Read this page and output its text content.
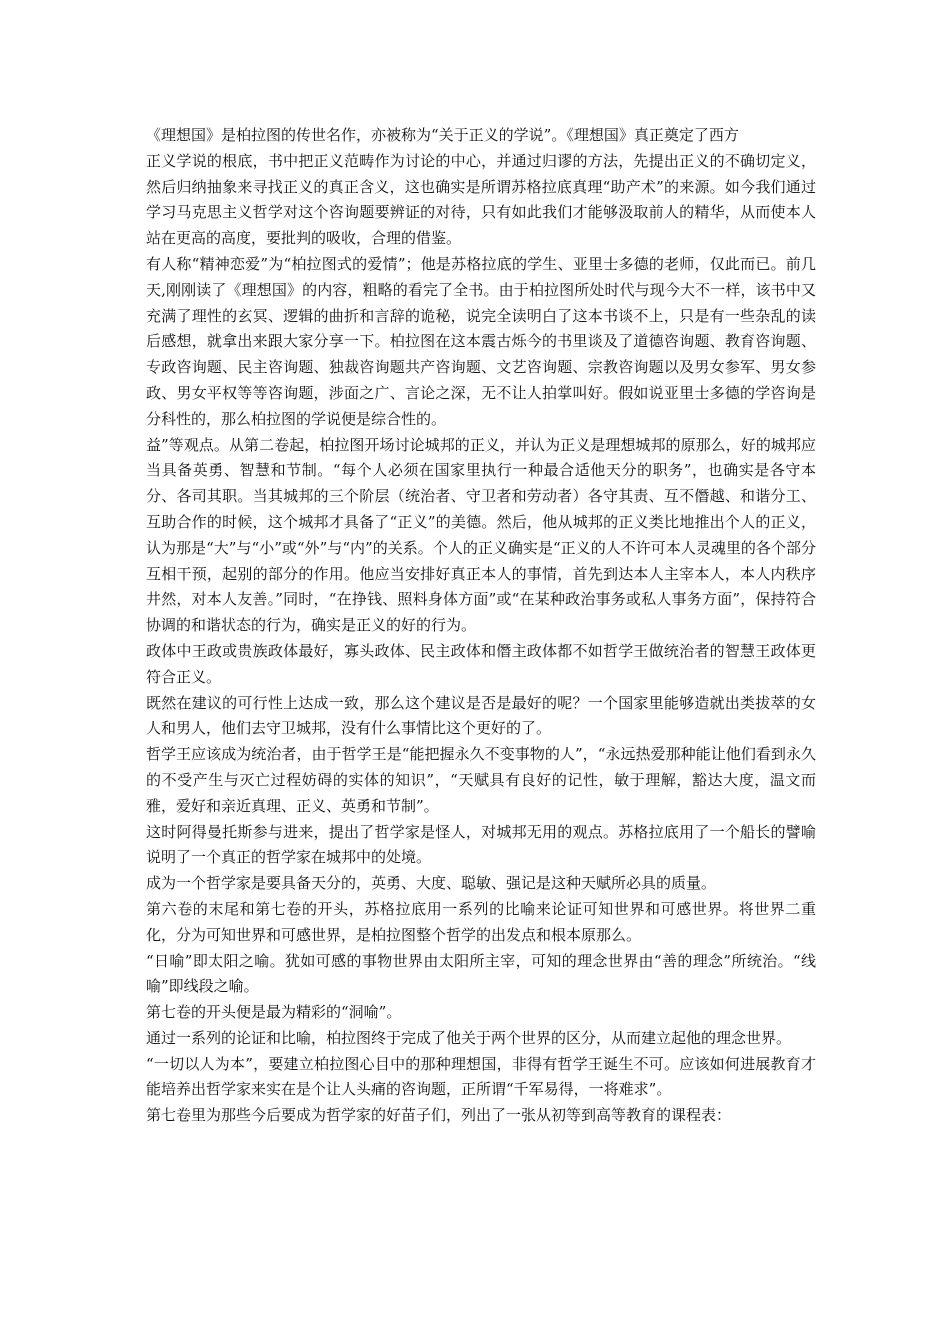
《理想国》是柏拉图的传世名作，亦被称为“关于正义的学说”。《理想国》真正奠定了西方

正义学说的根底，书中把正义范畴作为讨论的中心，并通过归谬的方法，先提出正义的不确切定义，然后归纳抽象来寻找正义的真正含义，这也确实是所谓苏格拉底真理“助产术”的来源。如今我们通过学习马克思主义哲学对这个咨询题要辨证的对待，只有如此我们才能够汲取前人的精华，从而使本人站在更高的高度，要批判的吸收，合理的借鉴。

有人称“精神恋爱”为“柏拉图式的爱情”；他是苏格拉底的学生、亚里士多德的老师，仅此而已。前几天,刚刚读了《理想国》的内容，粗略的看完了全书。由于柏拉图所处时代与现今大不一样，该书中又充满了理性的玄冥、逻辑的曲折和言辞的诡秘，说完全读明白了这本书谈不上，只是有一些杂乱的读后感想，就拿出来跟大家分享一下。柏拉图在这本震古烁今的书里谈及了道德咨询题、教育咨询题、专政咨询题、民主咨询题、独裁咨询题共产咨询题、文艺咨询题、宗教咨询题以及男女参军、男女参政、男女平权等等咨询题，涉面之广、言论之深，无不让人拍掌叫好。假如说亚里士多德的学咨询是分科性的，那么柏拉图的学说便是综合性的。

益”等观点。从第二卷起，柏拉图开场讨论城邦的正义，并认为正义是理想城邦的原那么，好的城邦应当具备英勇、智慧和节制。“每个人必须在国家里执行一种最合适他天分的职务”，也确实是各守本分、各司其职。当其城邦的三个阶层（统治者、守卫者和劳动者）各守其责、互不僭越、和谐分工、互助合作的时候，这个城邦才具备了“正义”的美德。然后，他从城邦的正义类比地推出个人的正义，认为那是“大”与“小”或“外”与“内”的关系。个人的正义确实是“正义的人不许可本人灵魂里的各个部分互相干预，起别的部分的作用。他应当安排好真正本人的事情，首先到达本人主宰本人，本人内秩序井然，对本人友善。”同时，“在挣钱、照料身体方面”或“在某种政治事务或私人事务方面”，保持符合协调的和谐状态的行为，确实是正义的好的行为。

政体中王政或贵族政体最好，寡头政体、民主政体和僭主政体都不如哲学王做统治者的智慧王政体更符合正义。

既然在建议的可行性上达成一致，那么这个建议是否是最好的呢？一个国家里能够造就出类拔萃的女人和男人，他们去守卫城邦，没有什么事情比这个更好的了。

哲学王应该成为统治者，由于哲学王是“能把握永久不变事物的人”，“永远热爱那种能让他们看到永久的不受产生与灭亡过程妨碍的实体的知识”，“天赋具有良好的记性，敏于理解，豁达大度，温文而雅，爱好和亲近真理、正义、英勇和节制”。

这时阿得曼托斯参与进来，提出了哲学家是怪人，对城邦无用的观点。苏格拉底用了一个船长的譬喻说明了一个真正的哲学家在城邦中的处境。

成为一个哲学家是要具备天分的，英勇、大度、聪敏、强记是这种天赋所必具的质量。

第六卷的末尾和第七卷的开头，苏格拉底用一系列的比喻来论证可知世界和可感世界。将世界二重化，分为可知世界和可感世界，是柏拉图整个哲学的出发点和根本原那么。

“日喻”即太阳之喻。犹如可感的事物世界由太阳所主宰，可知的理念世界由“善的理念”所统治。“线喻”即线段之喻。

第七卷的开头便是最为精彩的“洞喻”。

通过一系列的论证和比喻，柏拉图终于完成了他关于两个世界的区分，从而建立起他的理念世界。

“一切以人为本”，要建立柏拉图心目中的那种理想国，非得有哲学王诞生不可。应该如何进展教育才能培养出哲学家来实在是个让人头痛的咨询题，正所谓“千军易得，一将难求”。

第七卷里为那些今后要成为哲学家的好苗子们，列出了一张从初等到高等教育的课程表：
